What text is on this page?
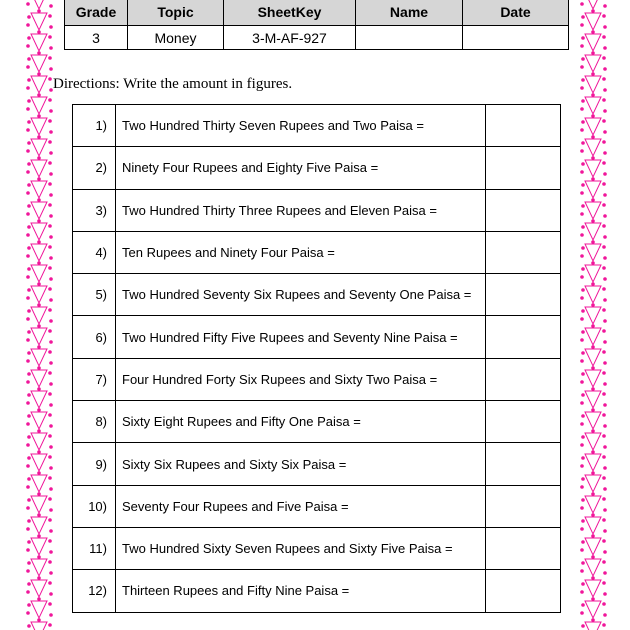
Grade	Topic	SheetKey	Name	Date
3	Money	3-M-AF-927		
Directions: Write the amount in figures.
1)	Two Hundred Thirty Seven Rupees and Two Paisa =	
2)	Ninety Four Rupees and Eighty Five Paisa =	
3)	Two Hundred Thirty Three Rupees and Eleven Paisa =	
4)	Ten Rupees and Ninety Four Paisa =	
5)	Two Hundred Seventy Six Rupees and Seventy One Paisa =	
6)	Two Hundred Fifty Five Rupees and Seventy Nine Paisa =	
7)	Four Hundred Forty Six Rupees and Sixty Two Paisa =	
8)	Sixty Eight Rupees and Fifty One Paisa =	
9)	Sixty Six Rupees and Sixty Six Paisa =	
10)	Seventy Four Rupees and Five Paisa =	
11)	Two Hundred Sixty Seven Rupees and Sixty Five Paisa =	
12)	Thirteen Rupees and Fifty Nine Paisa =	
